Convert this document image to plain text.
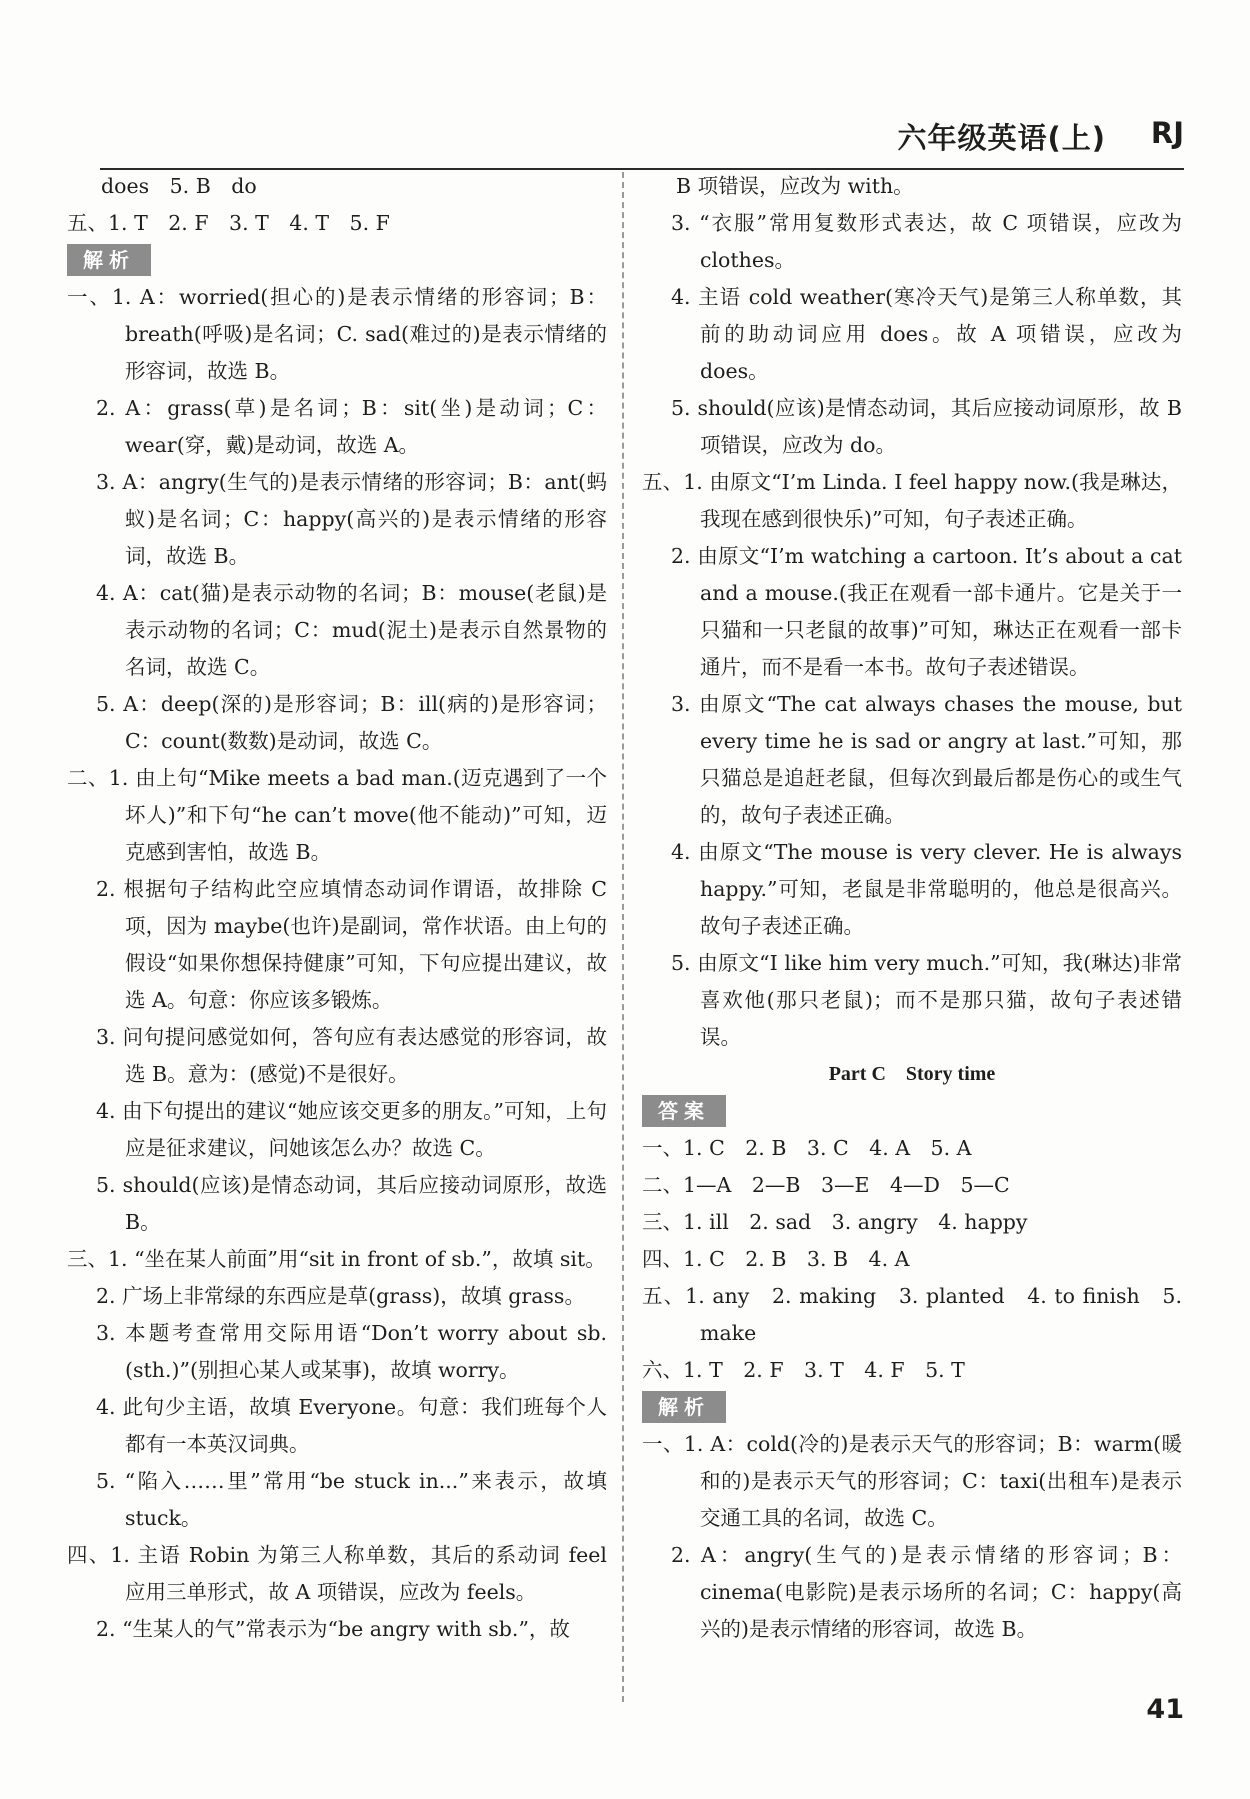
六年级英语(上) RJ

does　5. B　do

五、1. T　2. F　3. T　4. T　5. F

解析

一、1. A：worried(担心的)是表示情绪的形容词；B：breath(呼吸)是名词；C. sad(难过的)是表示情绪的形容词，故选 B。

2. A：grass(草)是名词；B：sit(坐)是动词；C：wear(穿，戴)是动词，故选 A。

3. A：angry(生气的)是表示情绪的形容词；B：ant(蚂蚁)是名词；C：happy(高兴的)是表示情绪的形容词，故选 B。

4. A：cat(猫)是表示动物的名词；B：mouse(老鼠)是表示动物的名词；C：mud(泥土)是表示自然景物的名词，故选 C。

5. A：deep(深的)是形容词；B：ill(病的)是形容词；C：count(数数)是动词，故选 C。

二、1. 由上句“Mike meets a bad man.(迈克遇到了一个坏人)”和下句“he can’t move(他不能动)”可知，迈克感到害怕，故选 B。

2. 根据句子结构此空应填情态动词作谓语，故排除 C 项，因为 maybe(也许)是副词，常作状语。由上句的假设“如果你想保持健康”可知，下句应提出建议，故选 A。句意：你应该多锻炼。

3. 问句提问感觉如何，答句应有表达感觉的形容词，故选 B。意为：(感觉)不是很好。

4. 由下句提出的建议“她应该交更多的朋友。”可知，上句应是征求建议，问她该怎么办？故选 C。

5. should(应该)是情态动词，其后应接动词原形，故选 B。

三、1. “坐在某人前面”用“sit in front of sb.”，故填 sit。

2. 广场上非常绿的东西应是草(grass)，故填 grass。

3. 本题考查常用交际用语“Don’t worry about sb.(sth.)”(别担心某人或某事)，故填 worry。

4. 此句少主语，故填 Everyone。句意：我们班每个人都有一本英汉词典。

5. “陷入……里”常用“be stuck in...”来表示，故填 stuck。

四、1. 主语 Robin 为第三人称单数，其后的系动词 feel 应用三单形式，故 A 项错误，应改为 feels。

2. “生某人的气”常表示为“be angry with sb.”，故

B 项错误，应改为 with。

3. “衣服”常用复数形式表达，故 C 项错误，应改为 clothes。

4. 主语 cold weather(寒冷天气)是第三人称单数，其前的助动词应用 does。故 A 项错误，应改为 does。

5. should(应该)是情态动词，其后应接动词原形，故 B 项错误，应改为 do。

五、1. 由原文“I’m Linda. I feel happy now.(我是琳达，我现在感到很快乐)”可知，句子表述正确。

2. 由原文“I’m watching a cartoon. It’s about a cat and a mouse.(我正在观看一部卡通片。它是关于一只猫和一只老鼠的故事)”可知，琳达正在观看一部卡通片，而不是看一本书。故句子表述错误。

3. 由原文“The cat always chases the mouse, but every time he is sad or angry at last.”可知，那只猫总是追赶老鼠，但每次到最后都是伤心的或生气的，故句子表述正确。

4. 由原文“The mouse is very clever. He is always happy.”可知，老鼠是非常聪明的，他总是很高兴。故句子表述正确。

5. 由原文“I like him very much.”可知，我(琳达)非常喜欢他(那只老鼠)；而不是那只猫，故句子表述错误。

Part C　Story time

答案

一、1. C　2. B　3. C　4. A　5. A

二、1—A　2—B　3—E　4—D　5—C

三、1. ill　2. sad　3. angry　4. happy

四、1. C　2. B　3. B　4. A

五、1. any　2. making　3. planted　4. to finish　5. make

六、1. T　2. F　3. T　4. F　5. T

解析

一、1. A：cold(冷的)是表示天气的形容词；B：warm(暖和的)是表示天气的形容词；C：taxi(出租车)是表示交通工具的名词，故选 C。

2. A：angry(生气的)是表示情绪的形容词；B：cinema(电影院)是表示场所的名词；C：happy(高兴的)是表示情绪的形容词，故选 B。

41
